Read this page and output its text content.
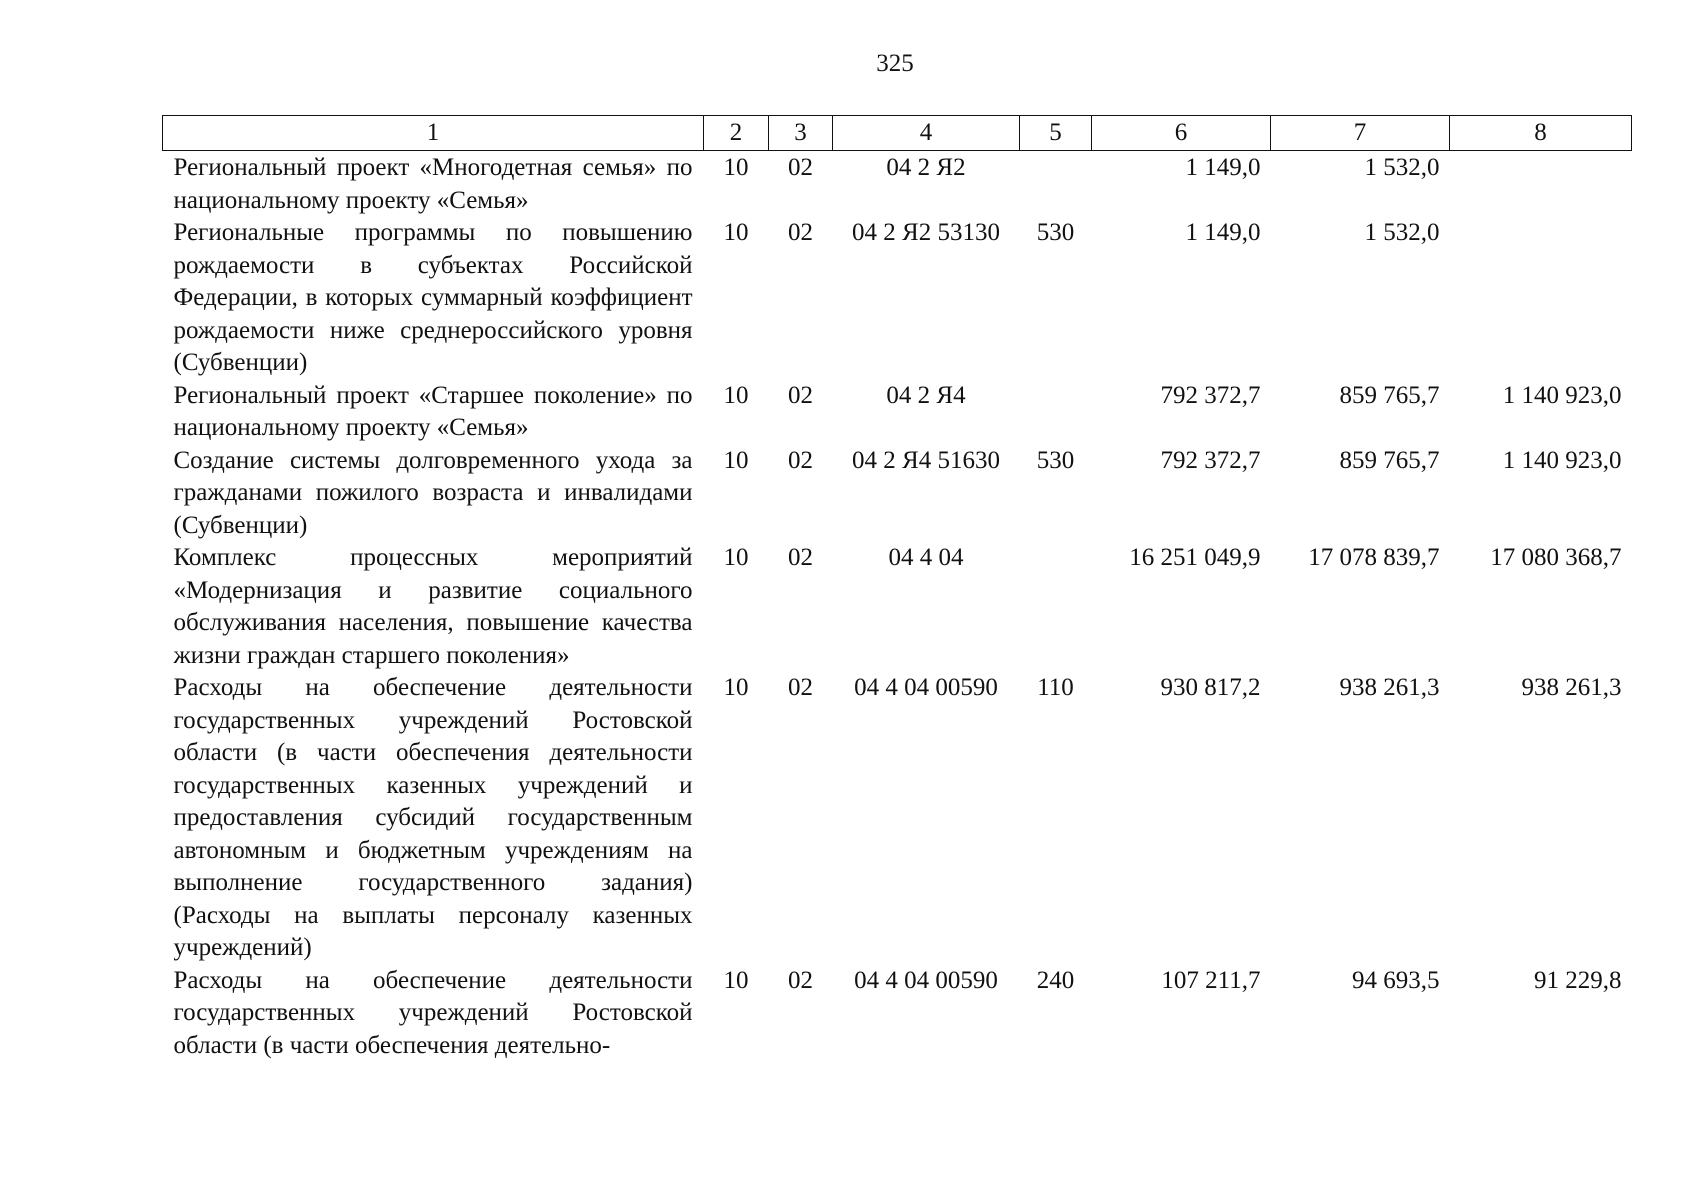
325
1	2	3	4	5	6	7	8
Региональный проект «Многодетная семья» по национальному проекту «Семья»	10	02	04 2 Я2		1 149,0	1 532,0	
Региональные программы по повышению рождаемости в субъектах Российской Федерации, в которых суммарный коэффициент рождаемости ниже среднероссийского уровня (Субвенции)	10	02	04 2 Я2 53130	530	1 149,0	1 532,0	
Региональный проект «Старшее поколение» по национальному проекту «Семья»	10	02	04 2 Я4		792 372,7	859 765,7	1 140 923,0
Создание системы долговременного ухода за гражданами пожилого возраста и инвалидами (Субвенции)	10	02	04 2 Я4 51630	530	792 372,7	859 765,7	1 140 923,0
Комплекс процессных мероприятий «Модернизация и развитие социального обслуживания населения, повышение качества жизни граждан старшего поколения»	10	02	04 4 04		16 251 049,9	17 078 839,7	17 080 368,7
Расходы на обеспечение деятельности государственных учреждений Ростовской области (в части обеспечения деятельности государственных казенных учреждений и предоставления субсидий государственным автономным и бюджетным учреждениям на выполнение государственного задания) (Расходы на выплаты персоналу казенных учреждений)	10	02	04 4 04 00590	110	930 817,2	938 261,3	938 261,3
Расходы на обеспечение деятельности государственных учреждений Ростовской области (в части обеспечения деятельно-	10	02	04 4 04 00590	240	107 211,7	94 693,5	91 229,8
